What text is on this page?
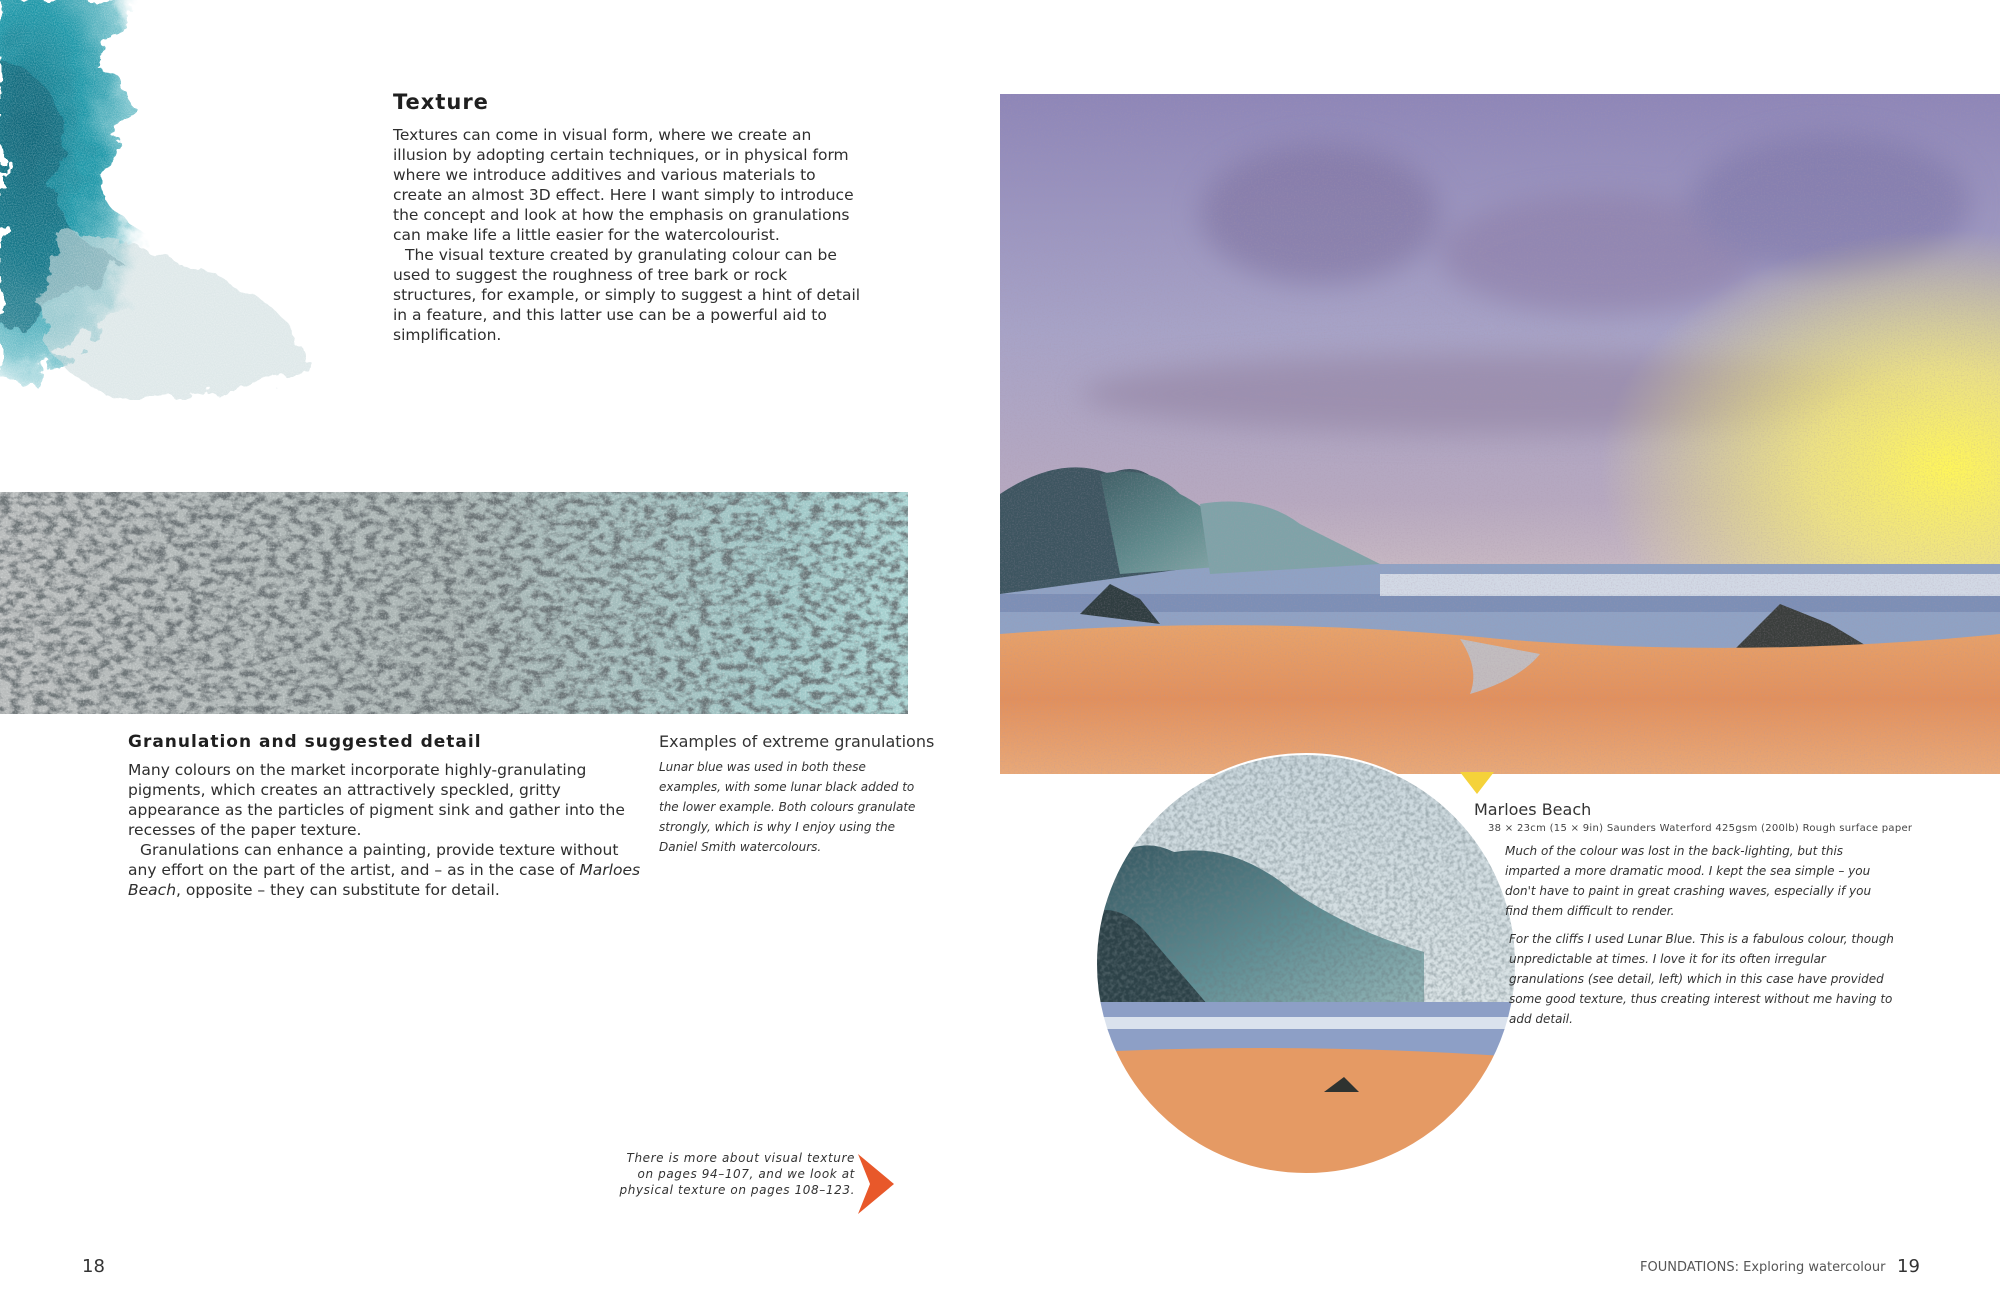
Texture

Textures can come in visual form, where we create an illusion by adopting certain techniques, or in physical form where we introduce additives and various materials to create an almost 3D effect. Here I want simply to introduce the concept and look at how the emphasis on granulations can make life a little easier for the watercolourist.

The visual texture created by granulating colour can be used to suggest the roughness of tree bark or rock structures, for example, or simply to suggest a hint of detail in a feature, and this latter use can be a powerful aid to simplification.

Granulation and suggested detail

Many colours on the market incorporate highly-granulating pigments, which creates an attractively speckled, gritty appearance as the particles of pigment sink and gather into the recesses of the paper texture.

Granulations can enhance a painting, provide texture without any effort on the part of the artist, and – as in the case of Marloes Beach, opposite – they can substitute for detail.

Examples of extreme granulations

Lunar blue was used in both these examples, with some lunar black added to the lower example. Both colours granulate strongly, which is why I enjoy using the Daniel Smith watercolours.

There is more about visual texture
on pages 94–107, and we look at
physical texture on pages 108–123.
18

Marloes Beach

38 × 23cm (15 × 9in) Saunders Waterford 425gsm (200lb) Rough surface paper

Much of the colour was lost in the back-lighting, but this imparted a more dramatic mood. I kept the sea simple – you don't have to paint in great crashing waves, especially if you find them difficult to render.

For the cliffs I used Lunar Blue. This is a fabulous colour, though unpredictable at times. I love it for its often irregular granulations (see detail, left) which in this case have provided some good texture, thus creating interest without me having to add detail.

FOUNDATIONS: Exploring watercolour 19
